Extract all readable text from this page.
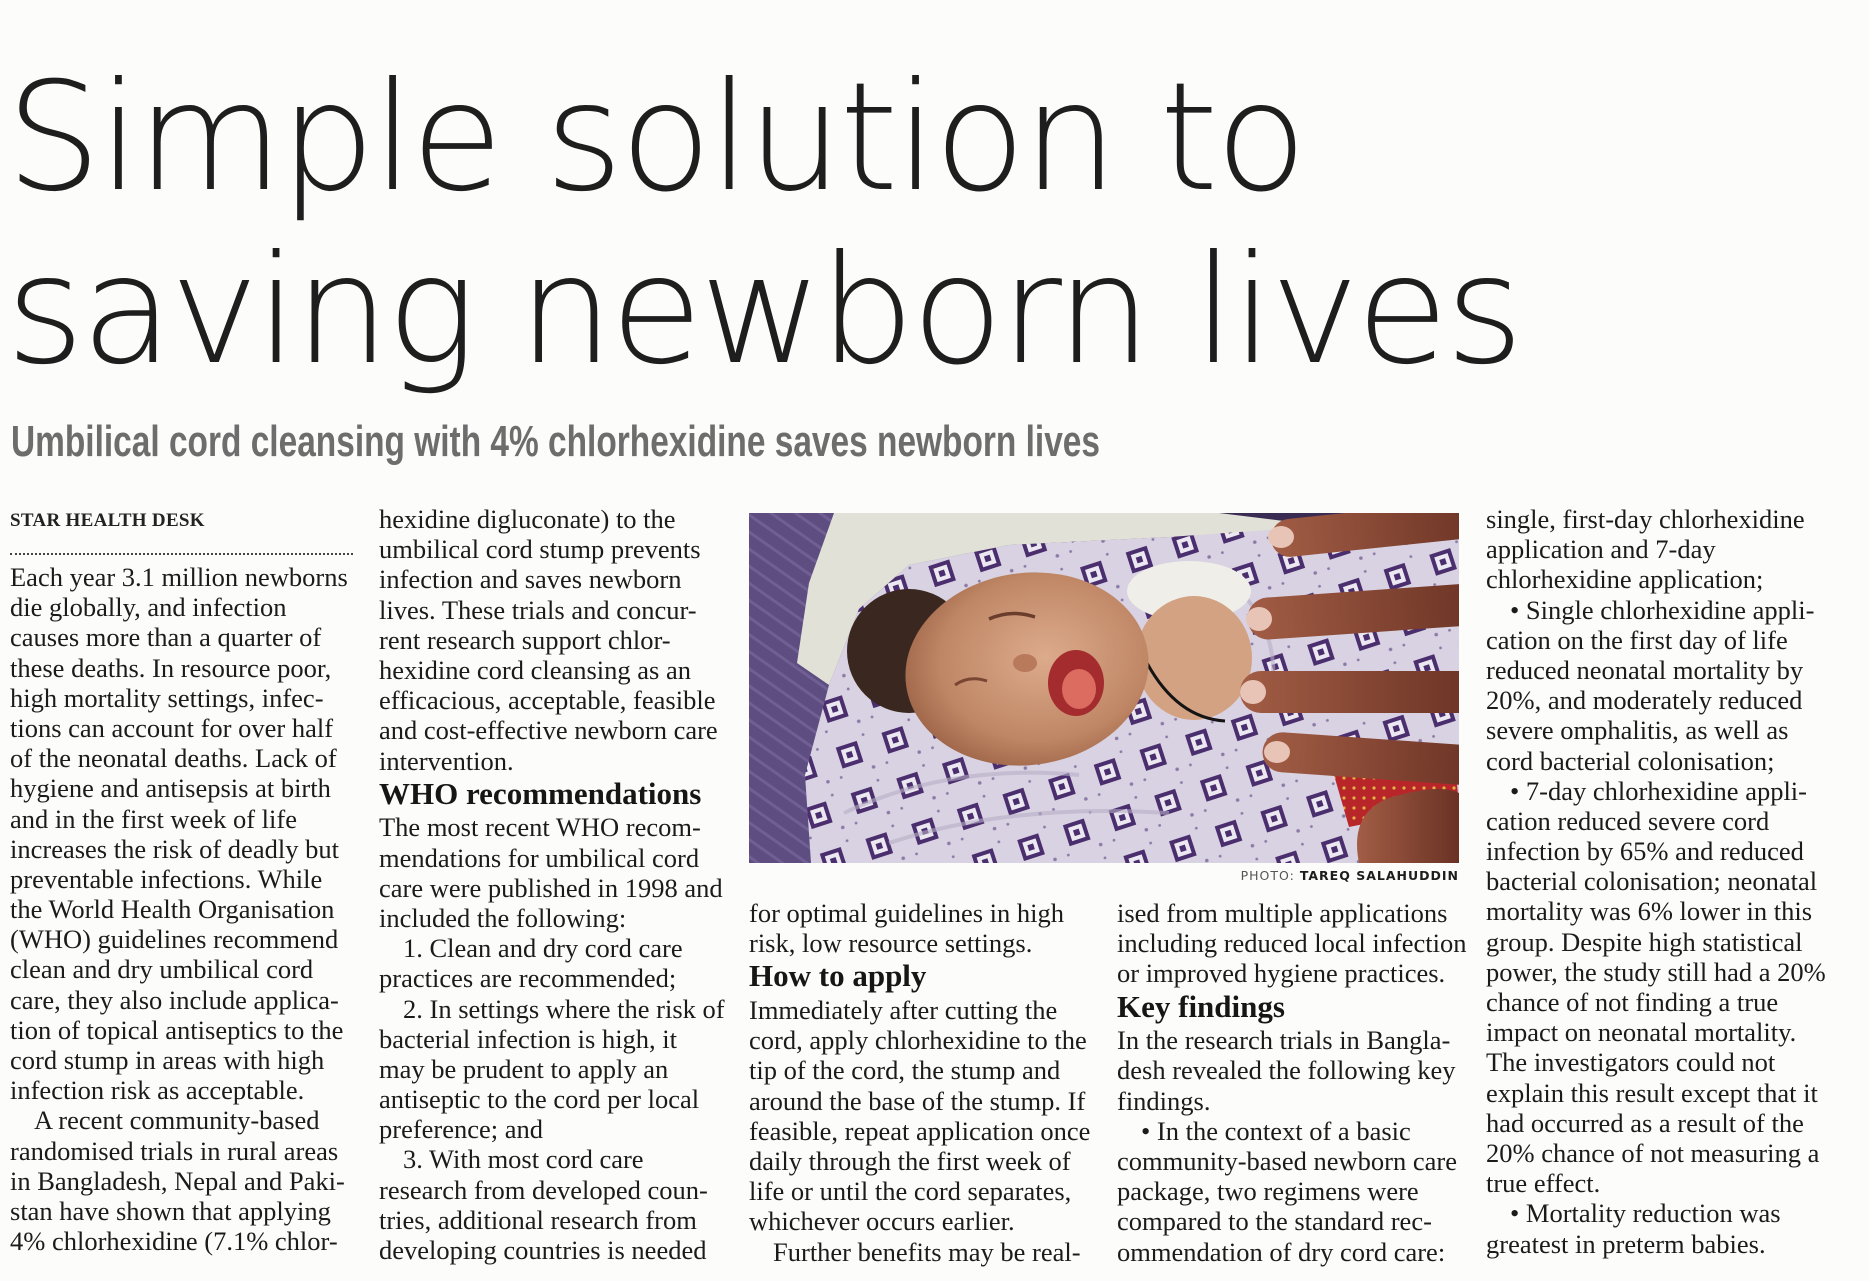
Simple solution to
saving newborn lives
Umbilical cord cleansing with 4% chlorhexidine saves newborn lives
STAR HEALTH DESK
Each year 3.1 million newborns
die globally, and infection
causes more than a quarter of
these deaths. In resource poor,
high mortality settings, infec-
tions can account for over half
of the neonatal deaths. Lack of
hygiene and antisepsis at birth
and in the first week of life
increases the risk of deadly but
preventable infections. While
the World Health Organisation
(WHO) guidelines recommend
clean and dry umbilical cord
care, they also include applica-
tion of topical antiseptics to the
cord stump in areas with high
infection risk as acceptable.
A recent community-based
randomised trials in rural areas
in Bangladesh, Nepal and Paki-
stan have shown that applying
4% chlorhexidine (7.1% chlor-
hexidine digluconate) to the
umbilical cord stump prevents
infection and saves newborn
lives. These trials and concur-
rent research support chlor-
hexidine cord cleansing as an
efficacious, acceptable, feasible
and cost-effective newborn care
intervention.
WHO recommendations
The most recent WHO recom-
mendations for umbilical cord
care were published in 1998 and
included the following:
1. Clean and dry cord care
practices are recommended;
2. In settings where the risk of
bacterial infection is high, it
may be prudent to apply an
antiseptic to the cord per local
preference; and
3. With most cord care
research from developed coun-
tries, additional research from
developing countries is needed
PHOTO: TAREQ SALAHUDDIN
for optimal guidelines in high
risk, low resource settings.
How to apply
Immediately after cutting the
cord, apply chlorhexidine to the
tip of the cord, the stump and
around the base of the stump. If
feasible, repeat application once
daily through the first week of
life or until the cord separates,
whichever occurs earlier.
Further benefits may be real-
ised from multiple applications
including reduced local infection
or improved hygiene practices.
Key findings
In the research trials in Bangla-
desh revealed the following key
findings.
• In the context of a basic
community-based newborn care
package, two regimens were
compared to the standard rec-
ommendation of dry cord care:
single, first-day chlorhexidine
application and 7-day
chlorhexidine application;
• Single chlorhexidine appli-
cation on the first day of life
reduced neonatal mortality by
20%, and moderately reduced
severe omphalitis, as well as
cord bacterial colonisation;
• 7-day chlorhexidine appli-
cation reduced severe cord
infection by 65% and reduced
bacterial colonisation; neonatal
mortality was 6% lower in this
group. Despite high statistical
power, the study still had a 20%
chance of not finding a true
impact on neonatal mortality.
The investigators could not
explain this result except that it
had occurred as a result of the
20% chance of not measuring a
true effect.
• Mortality reduction was
greatest in preterm babies.
